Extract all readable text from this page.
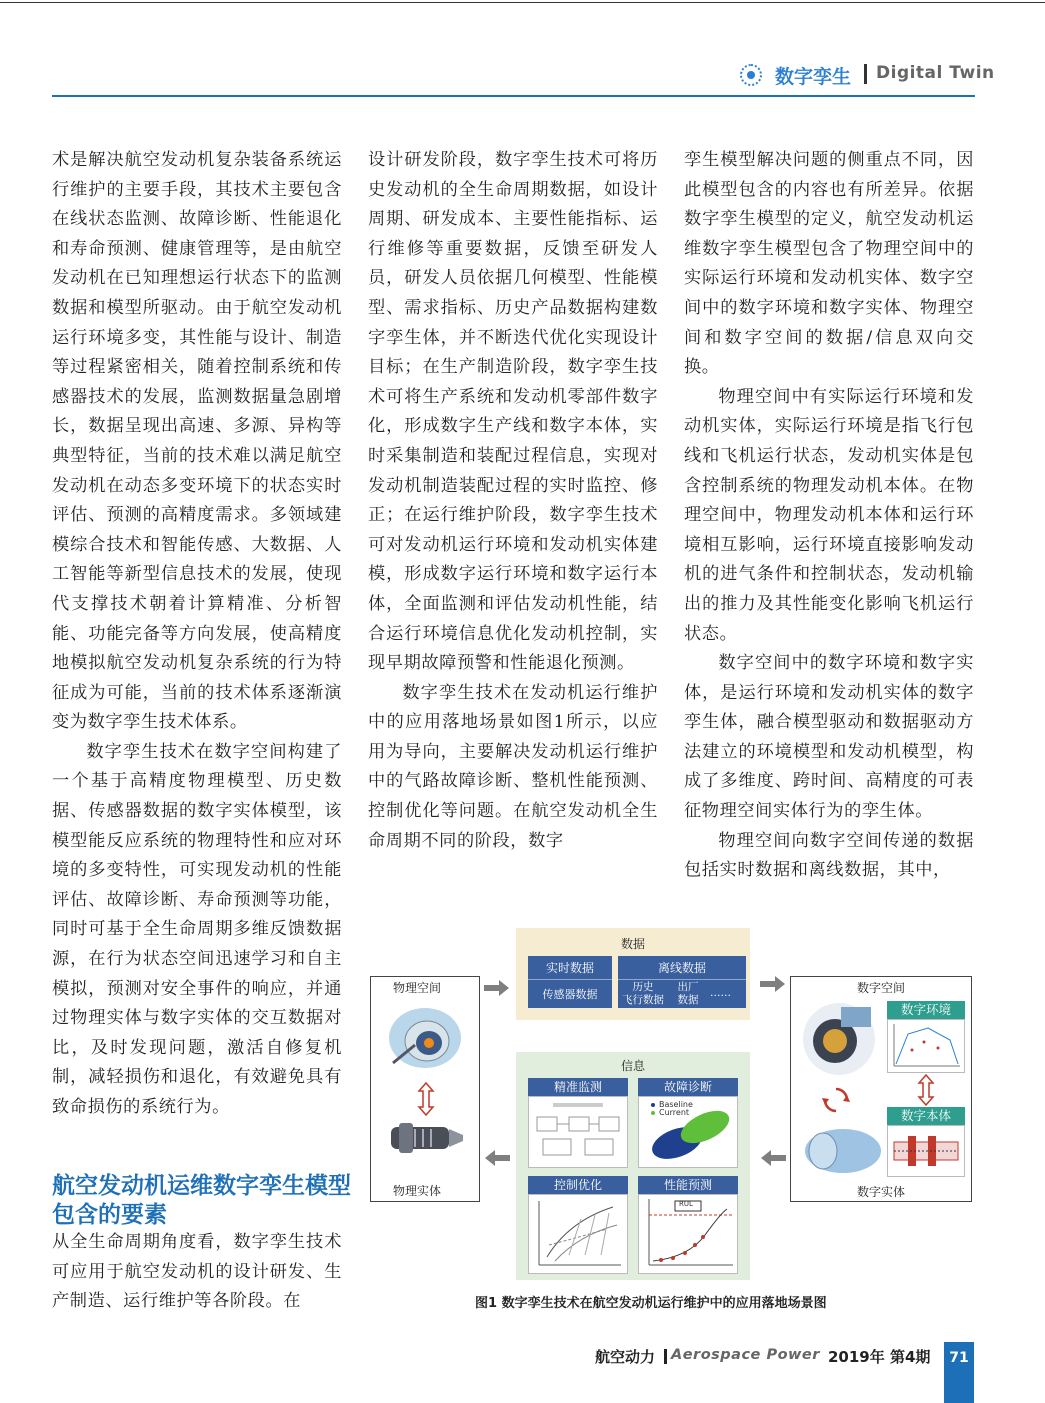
数字孪生 Digital Twin

术是解决航空发动机复杂装备系统运行维护的主要手段，其技术主要包含在线状态监测、故障诊断、性能退化和寿命预测、健康管理等，是由航空发动机在已知理想运行状态下的监测数据和模型所驱动。由于航空发动机运行环境多变，其性能与设计、制造等过程紧密相关，随着控制系统和传感器技术的发展，监测数据量急剧增长，数据呈现出高速、多源、异构等典型特征，当前的技术难以满足航空发动机在动态多变环境下的状态实时评估、预测的高精度需求。多领域建模综合技术和智能传感、大数据、人工智能等新型信息技术的发展，使现代支撑技术朝着计算精准、分析智能、功能完备等方向发展，使高精度地模拟航空发动机复杂系统的行为特征成为可能，当前的技术体系逐渐演变为数字孪生技术体系。

数字孪生技术在数字空间构建了一个基于高精度物理模型、历史数据、传感器数据的数字实体模型，该模型能反应系统的物理特性和应对环境的多变特性，可实现发动机的性能评估、故障诊断、寿命预测等功能，同时可基于全生命周期多维反馈数据源，在行为状态空间迅速学习和自主模拟，预测对安全事件的响应，并通过物理实体与数字实体的交互数据对比，及时发现问题，激活自修复机制，减轻损伤和退化，有效避免具有致命损伤的系统行为。

航空发动机运维数字孪生模型包含的要素

从全生命周期角度看，数字孪生技术可应用于航空发动机的设计研发、生产制造、运行维护等各阶段。在

设计研发阶段，数字孪生技术可将历史发动机的全生命周期数据，如设计周期、研发成本、主要性能指标、运行维修等重要数据，反馈至研发人员，研发人员依据几何模型、性能模型、需求指标、历史产品数据构建数字孪生体，并不断迭代优化实现设计目标；在生产制造阶段，数字孪生技术可将生产系统和发动机零部件数字化，形成数字生产线和数字本体，实时采集制造和装配过程信息，实现对发动机制造装配过程的实时监控、修正；在运行维护阶段，数字孪生技术可对发动机运行环境和发动机实体建模，形成数字运行环境和数字运行本体，全面监测和评估发动机性能，结合运行环境信息优化发动机控制，实现早期故障预警和性能退化预测。

数字孪生技术在发动机运行维护中的应用落地场景如图1所示，以应用为导向，主要解决发动机运行维护中的气路故障诊断、整机性能预测、控制优化等问题。在航空发动机全生命周期不同的阶段，数字

孪生模型解决问题的侧重点不同，因此模型包含的内容也有所差异。依据数字孪生模型的定义，航空发动机运维数字孪生模型包含了物理空间中的实际运行环境和发动机实体、数字空间中的数字环境和数字实体、物理空间和数字空间的数据/信息双向交换。

物理空间中有实际运行环境和发动机实体，实际运行环境是指飞行包线和飞机运行状态，发动机实体是包含控制系统的物理发动机本体。在物理空间中，物理发动机本体和运行环境相互影响，运行环境直接影响发动机的进气条件和控制状态，发动机输出的推力及其性能变化影响飞机运行状态。

数字空间中的数字环境和数字实体，是运行环境和发动机实体的数字孪生体，融合模型驱动和数据驱动方法建立的环境模型和发动机模型，构成了多维度、跨时间、高精度的可表征物理空间实体行为的孪生体。

物理空间向数字空间传递的数据包括实时数据和离线数据，其中，

物理空间
物理实体
数据
实时数据
传感器数据
离线数据
历史
飞行数据
出厂
数据
……
信息
精准监测	故障诊断
Baseline
Current
控制优化	性能预测
RUL
数字空间
数字环境
数字本体
数字实体
图1 数字孪生技术在航空发动机运行维护中的应用落地场景图
航空动力 Aerospace Power 2019年 第4期	71
